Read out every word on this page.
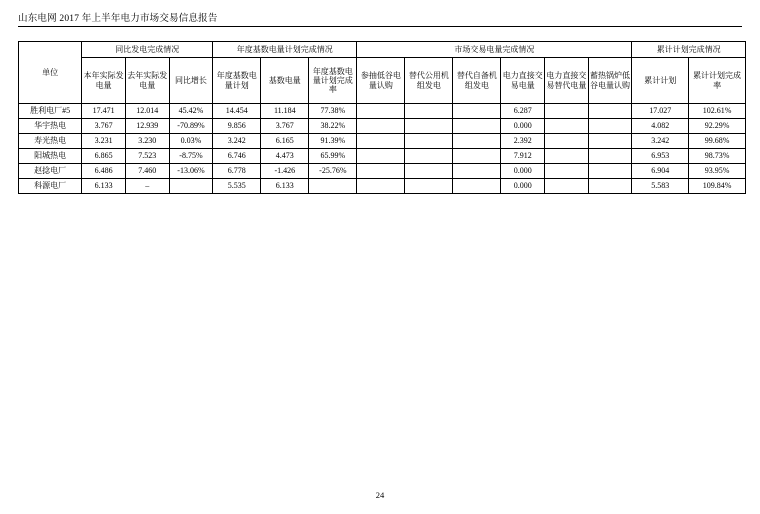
山东电网 2017 年上半年电力市场交易信息报告
单位	同比发电完成情况			年度基数电量计划完成情况			市场交易电量完成情况						累计计划完成情况	
	本年实际发电量	去年实际发电量	同比增长	年度基数电量计划	基数电量	年度基数电量计划完成率	参抽低谷电量认购	替代公用机组发电	替代自备机组发电	电力直接交易电量	电力直接交易替代电量	蓄热锅炉低谷电量认购	累计计划	累计计划完成率
胜利电厂#5	17.471	12.014	45.42%	14.454	11.184	77.38%				6.287			17.027	102.61%
华宇热电	3.767	12.939	-70.89%	9.856	3.767	38.22%				0.000			4.082	92.29%
寿光热电	3.231	3.230	0.03%	3.242	6.165	91.39%				2.392			3.242	99.68%
阳城热电	6.865	7.523	-8.75%	6.746	4.473	65.99%				7.912			6.953	98.73%
赵捻电厂	6.486	7.460	-13.06%	6.778	-1.426	-25.76%				0.000			6.904	93.95%
科源电厂	6.133	–		5.535	6.133					0.000			5.583	109.84%
24
